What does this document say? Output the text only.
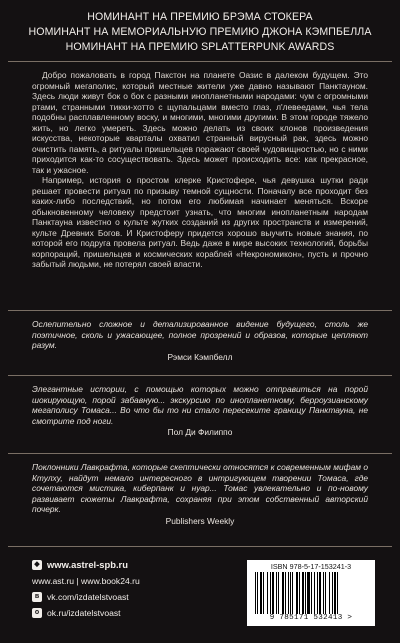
НОМИНАНТ НА ПРЕМИЮ БРЭМА СТОКЕРА
НОМИНАНТ НА МЕМОРИАЛЬНУЮ ПРЕМИЮ ДЖОНА КЭМПБЕЛЛА
НОМИНАНТ НА ПРЕМИЮ SPLATTERPUNK AWARDS

Добро пожаловать в город Пакстон на планете Оазис в далеком будущем. Это огромный мегаполис, который местные жители уже давно называют Панктауном. Здесь люди живут бок о бок с разными инопланетными народами: чум с огромными ртами, странными тикки-хотто с щупальцами вместо глаз, л'левеедами, чья тела подобны расплавленному воску, и многими, многими другими. В этом городе тяжело жить, но легко умереть. Здесь можно делать из своих клонов произведения искусства, некоторые кварталы охватил странный вирусный рак, здесь можно очистить память, а ритуалы пришельцев поражают своей чудовищностью, но с ними приходится как-то сосуществовать. Здесь может происходить все: как прекрасное, так и ужасное.

Например, история о простом клерке Кристофере, чья девушка шутки ради решает провести ритуал по призыву темной сущности. Поначалу все проходит без каких-либо последствий, но потом его любимая начинает меняться. Вскоре обыкновенному человеку предстоит узнать, что многим инопланетным народам Панктауна известно о культе жутких созданий из других пространств и измерений, культе Древних Богов. И Кристоферу придется хорошо выучить новые знания, по которой его подруга провела ритуал. Ведь даже в мире высоких технологий, борьбы корпораций, пришельцев и космических кораблей «Некрономикон», пусть и прочно забытый людьми, не потерял своей власти.

Ослепительно сложное и детализированное видение будущего, столь же поэтичное, сколь и ужасающее, полное прозрений и образов, которые цепляют разум.
Рэмси Кэмпбелл
Элегантные истории, с помощью которых можно отправиться на порой шокирующую, порой забавную... экскурсию по инопланетному, берроузианскому мегаполису Томаса... Во что бы то ни стало пересеките границу Панктауна, не смотрите под ноги.
Пол Ди Филиппо
Поклонники Лавкрафта, которые скептически относятся к современным мифам о Ктулху, найдут немало интересного в интригующем творении Томаса, где сочетаются мистика, киберпанк и нуар... Томас увлекательно и по-новому развивает сюжеты Лавкрафта, сохраняя при этом собственный авторский почерк.
Publishers Weekly
◆ www.astrel-spb.ru
www.ast.ru | www.book24.ru
в vk.com/izdatelstvoast
о ok.ru/izdatelstvoast
ISBN 978-5-17-153241-3
9 785171 532413 >
